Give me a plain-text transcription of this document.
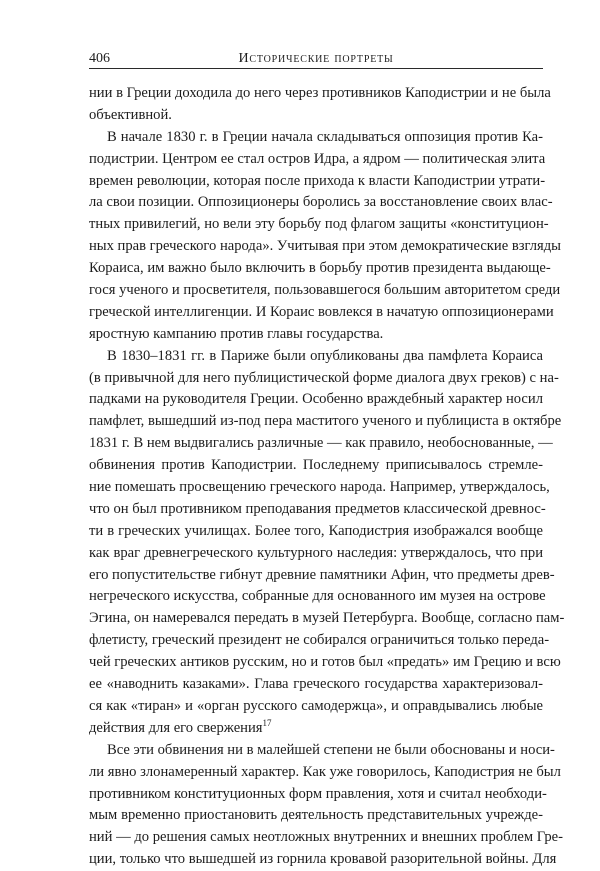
406	Исторические портреты
нии в Греции доходила до него через противников Каподистрии и не была
объективной.
В начале 1830 г. в Греции начала складываться оппозиция против Ка-
подистрии. Центром ее стал остров Идра, а ядром — политическая элита
времен революции, которая после прихода к власти Каподистрии утрати-
ла свои позиции. Оппозиционеры боролись за восстановление своих влас-
тных привилегий, но вели эту борьбу под флагом защиты «конституцион-
ных прав греческого народа». Учитывая при этом демократические взгляды
Кораиса, им важно было включить в борьбу против президента выдающе-
гося ученого и просветителя, пользовавшегося большим авторитетом среди
греческой интеллигенции. И Кораис вовлекся в начатую оппозиционерами
яростную кампанию против главы государства.
В 1830–1831 гг. в Париже были опубликованы два памфлета Кораиса
(в привычной для него публицистической форме диалога двух греков) с на-
падками на руководителя Греции. Особенно враждебный характер носил
памфлет, вышедший из-под пера маститого ученого и публициста в октябре
1831 г. В нем выдвигались различные — как правило, необоснованные, —
обвинения против Каподистрии. Последнему приписывалось стремле-
ние помешать просвещению греческого народа. Например, утверждалось,
что он был противником преподавания предметов классической древнос-
ти в греческих училищах. Более того, Каподистрия изображался вообще
как враг древнегреческого культурного наследия: утверждалось, что при
его попустительстве гибнут древние памятники Афин, что предметы древ-
негреческого искусства, собранные для основанного им музея на острове
Эгина, он намеревался передать в музей Петербурга. Вообще, согласно пам-
флетисту, греческий президент не собирался ограничиться только переда-
чей греческих антиков русским, но и готов был «предать» им Грецию и всю
ее «наводнить казаками». Глава греческого государства характеризовал-
ся как «тиран» и «орган русского самодержца», и оправдывались любые
действия для его свержения$^{17}$
Все эти обвинения ни в малейшей степени не были обоснованы и носи-
ли явно злонамеренный характер. Как уже говорилось, Каподистрия не был
противником конституционных форм правления, хотя и считал необходи-
мым временно приостановить деятельность представительных учрежде-
ний — до решения самых неотложных внутренних и внешних проблем Гре-
ции, только что вышедшей из горнила кровавой разорительной войны. Для
